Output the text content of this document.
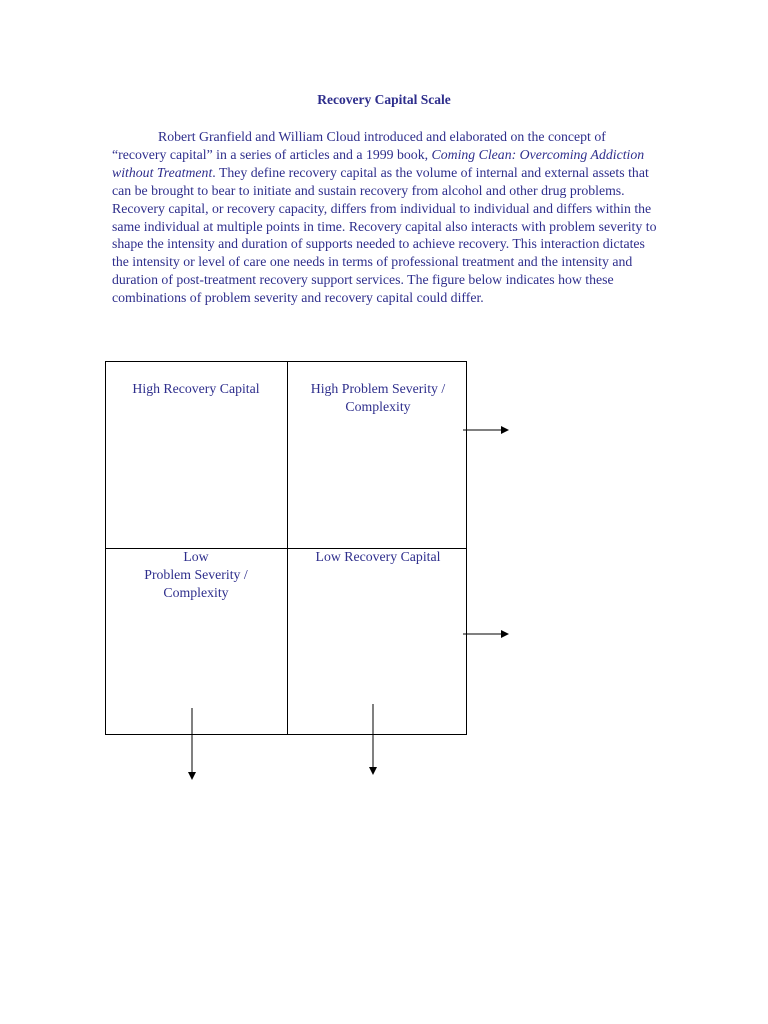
Recovery Capital Scale

Robert Granfield and William Cloud introduced and elaborated on the concept of “recovery capital” in a series of articles and a 1999 book, Coming Clean: Overcoming Addiction without Treatment. They define recovery capital as the volume of internal and external assets that can be brought to bear to initiate and sustain recovery from alcohol and other drug problems. Recovery capital, or recovery capacity, differs from individual to individual and differs within the same individual at multiple points in time. Recovery capital also interacts with problem severity to shape the intensity and duration of supports needed to achieve recovery. This interaction dictates the intensity or level of care one needs in terms of professional treatment and the intensity and duration of post-treatment recovery support services. The figure below indicates how these combinations of problem severity and recovery capital could differ.

High Recovery Capital	High Problem Severity /
Complexity
Low
Problem Severity /
Complexity
Low Recovery Capital
